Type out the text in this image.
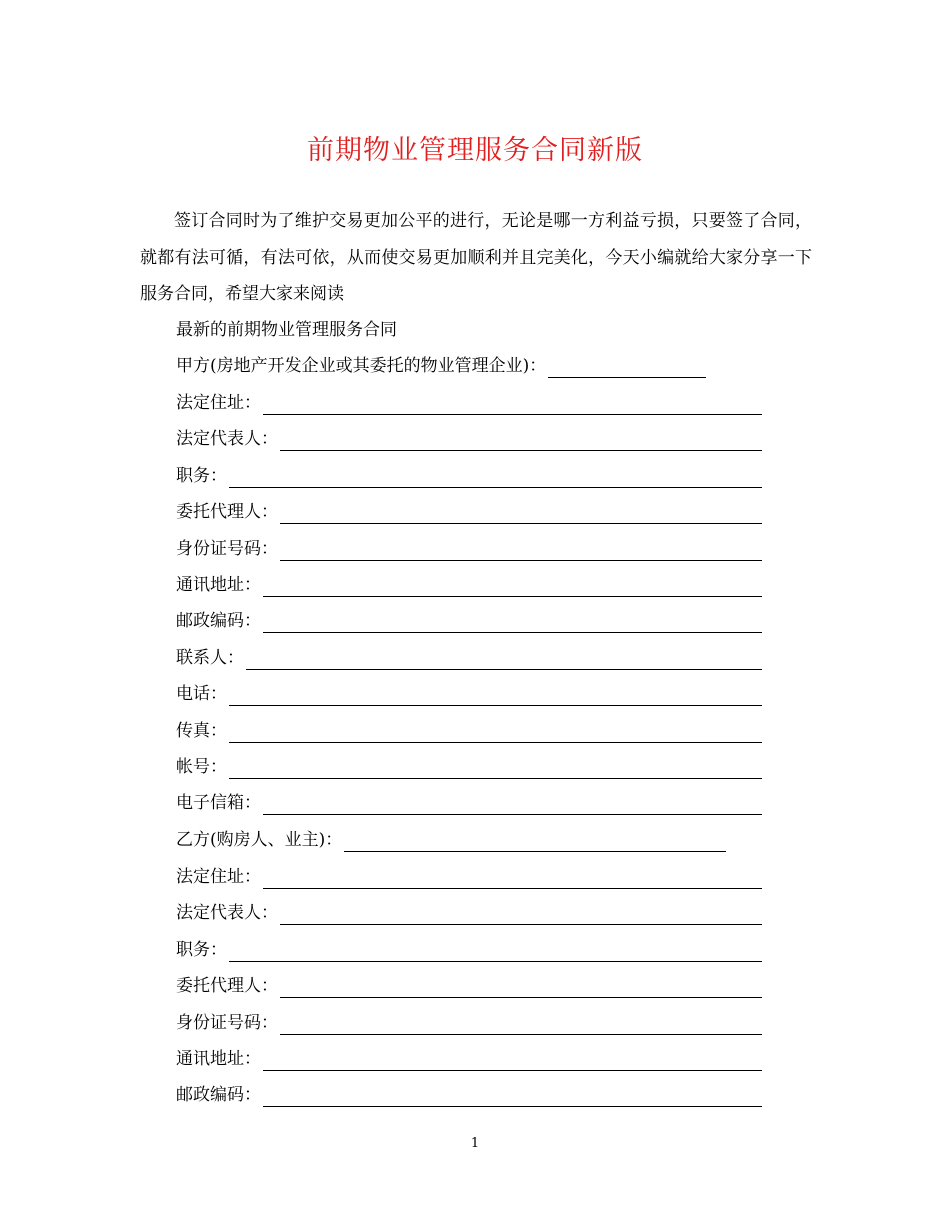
前期物业管理服务合同新版
签订合同时为了维护交易更加公平的进行，无论是哪一方利益亏损，只要签了合同，就都有法可循，有法可依，从而使交易更加顺利并且完美化，今天小编就给大家分享一下服务合同，希望大家来阅读
最新的前期物业管理服务合同
甲方(房地产开发企业或其委托的物业管理企业)：
法定住址：
法定代表人：
职务：
委托代理人：
身份证号码：
通讯地址：
邮政编码：
联系人：
电话：
传真：
帐号：
电子信箱：
乙方(购房人、业主)：
法定住址：
法定代表人：
职务：
委托代理人：
身份证号码：
通讯地址：
邮政编码：
1
